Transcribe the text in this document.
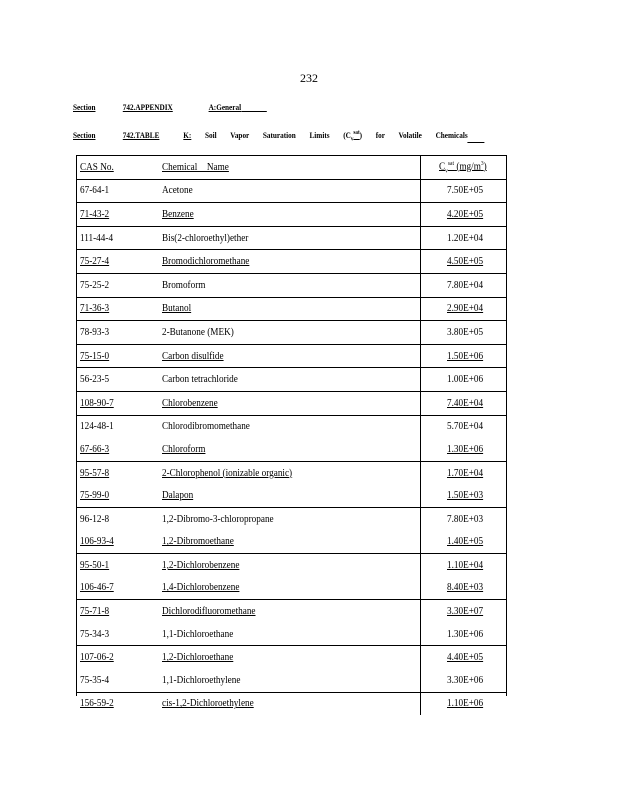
232
Section	742.APPENDIX	A:General
Section	742.TABLE	K: Soil Vapor Saturation Limits $(C_v^{sat})$ for Volatile Chemicals
CAS No.	Chemical Name	$C_v^{sat}$ $(mg/m^3)$
67-64-1	Acetone	7.50E+05
71-43-2	Benzene	4.20E+05
111-44-4	Bis(2-chloroethyl)ether	1.20E+04
75-27-4	Bromodichloromethane	4.50E+05
75-25-2	Bromoform	7.80E+04
71-36-3	Butanol	2.90E+04
78-93-3	2-Butanone (MEK)	3.80E+05
75-15-0	Carbon disulfide	1.50E+06
56-23-5	Carbon tetrachloride	1.00E+06
108-90-7	Chlorobenzene	7.40E+04
124-48-1	Chlorodibromomethane	5.70E+04
67-66-3	Chloroform	1.30E+06
95-57-8	2-Chlorophenol (ionizable organic)	1.70E+04
75-99-0	Dalapon	1.50E+03
96-12-8	1,2-Dibromo-3-chloropropane	7.80E+03
106-93-4	1,2-Dibromoethane	1.40E+05
95-50-1	1,2-Dichlorobenzene	1.10E+04
106-46-7	1,4-Dichlorobenzene	8.40E+03
75-71-8	Dichlorodifluoromethane	3.30E+07
75-34-3	1,1-Dichloroethane	1.30E+06
107-06-2	1,2-Dichloroethane	4.40E+05
75-35-4	1,1-Dichloroethylene	3.30E+06
156-59-2	cis-1,2-Dichloroethylene	1.10E+06
